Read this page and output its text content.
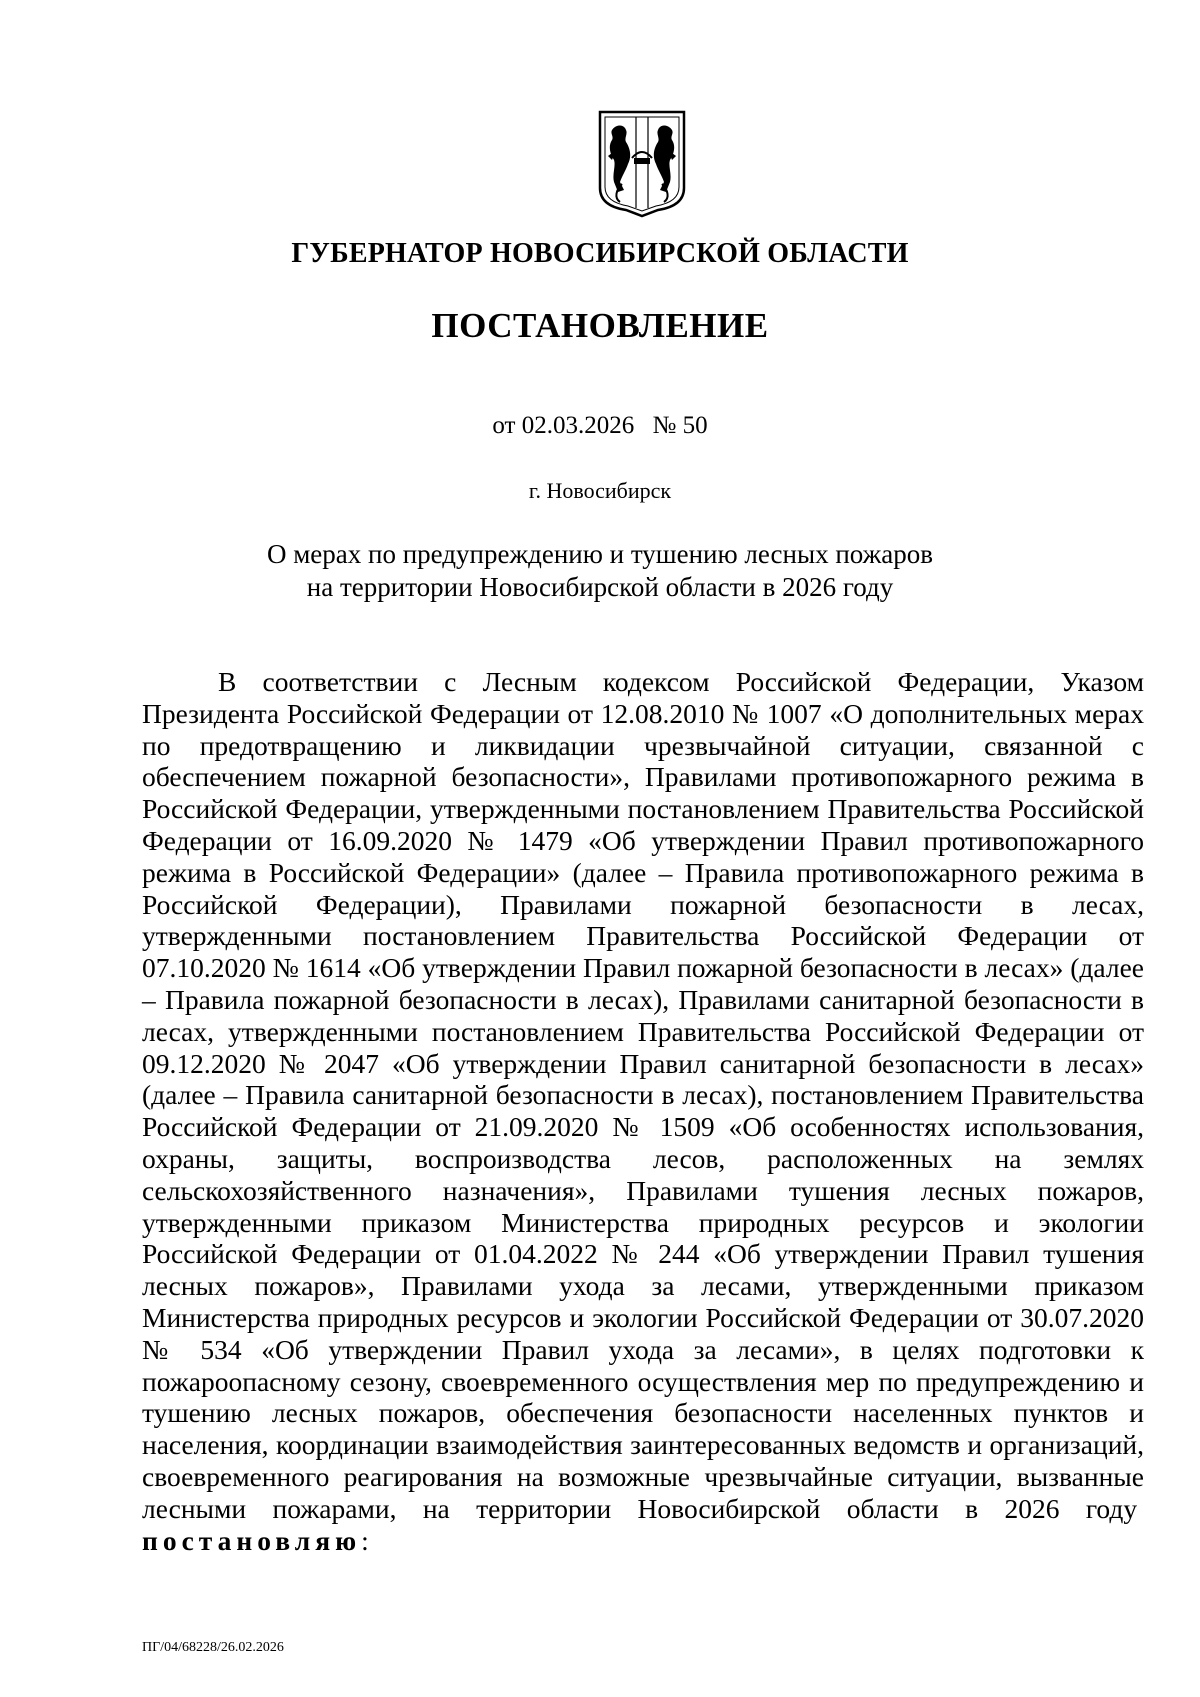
ГУБЕРНАТОР НОВОСИБИРСКОЙ ОБЛАСТИ
ПОСТАНОВЛЕНИЕ
от 02.03.2026 № 50
г. Новосибирск
О мерах по предупреждению и тушению лесных пожаров
на территории Новосибирской области в 2026 году

В соответствии с Лесным кодексом Российской Федерации, Указом Президента Российской Федерации от 12.08.2010 № 1007 «О дополнительных мерах по предотвращению и ликвидации чрезвычайной ситуации, связанной с обеспечением пожарной безопасности», Правилами противопожарного режима в Российской Федерации, утвержденными постановлением Правительства Российской Федерации от 16.09.2020 № 1479 «Об утверждении Правил противопожарного режима в Российской Федерации» (далее – Правила противопожарного режима в Российской Федерации), Правилами пожарной безопасности в лесах, утвержденными постановлением Правительства Российской Федерации от 07.10.2020 № 1614 «Об утверждении Правил пожарной безопасности в лесах» (далее – Правила пожарной безопасности в лесах), Правилами санитарной безопасности в лесах, утвержденными постановлением Правительства Российской Федерации от 09.12.2020 № 2047 «Об утверждении Правил санитарной безопасности в лесах» (далее – Правила санитарной безопасности в лесах), постановлением Правительства Российской Федерации от 21.09.2020 № 1509 «Об особенностях использования, охраны, защиты, воспроизводства лесов, расположенных на землях сельскохозяйственного назначения», Правилами тушения лесных пожаров, утвержденными приказом Министерства природных ресурсов и экологии Российской Федерации от 01.04.2022 № 244 «Об утверждении Правил тушения лесных пожаров», Правилами ухода за лесами, утвержденными приказом Министерства природных ресурсов и экологии Российской Федерации от 30.07.2020 № 534 «Об утверждении Правил ухода за лесами», в целях подготовки к пожароопасному сезону, своевременного осуществления мер по предупреждению и тушению лесных пожаров, обеспечения безопасности населенных пунктов и населения, координации взаимодействия заинтересованных ведомств и организаций, своевременного реагирования на возможные чрезвычайные ситуации, вызванные лесными пожарами, на территории Новосибирской области в 2026 году  постановляю:

ПГ/04/68228/26.02.2026
